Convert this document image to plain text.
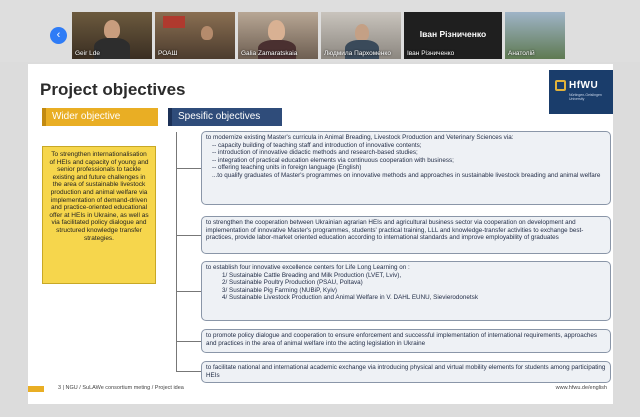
‹
Geir Lde	РОАШ	Galia Zamaratskaia	Людмила Пархоменко
Іван Різниченко
Іван Різниченко	Анатолій
Project objectives	HfWU
Nürtingen-Geislingen University
Wider objective	Spesific objectives
To strengthen internationalisation of HEIs and capacity of young and senior professionals to tackle existing and future challenges in the area of sustainable livestock production and animal welfare via implementation of demand-driven and practice-oriented educational offer at HEIs in Ukraine, as well as via facilitated policy dialogue and structured knowledge transfer strategies.
to modernize existing Master's curricula in Animal Breading, Livestock Production and Veterinary Sciences via:
-- capacity building of teaching staff and introduction of innovative contents;
-- introduction of innovative didactic methods and research-based studies;
-- integration of practical education elements via continuous cooperation with business;
-- offering teaching units in foreign language (English)
...to qualify graduates of Master's programmes on innovative methods and approaches in sustainable livestock breading and animal welfare
to strengthen the cooperation between Ukrainian agrarian HEIs and agricultural business sector via cooperation on development and implementation of innovative Master's programmes, students' practical training, LLL and knowledge-transfer activities to exchange best-practices, provide labor-market oriented education according to international standards and improve employability of graduates
to establish four innovative excellence centers for Life Long Learning on :
1/ Sustainable Cattle Breading and Milk Production (LVET, Lviv),
2/ Sustainable Poultry Production (PSAU, Poltava)
3/ Sustainable Pig Farming (NUBiP, Kyiv)
4/ Sustainable Livestock Production and Animal Welfare in V. DAHL EUNU, Sievierodonetsk
to promote policy dialogue and cooperation to ensure enforcement and successful implementation of international requirements, approaches and practices in the area of animal welfare into the acting legislation in Ukraine
to facilitate national and international academic exchange via introducing physical and virtual mobility elements for students among participating HEIs
3 | NGU / SuLAWe consortium meting / Project idea	www.hfwu.de/english
